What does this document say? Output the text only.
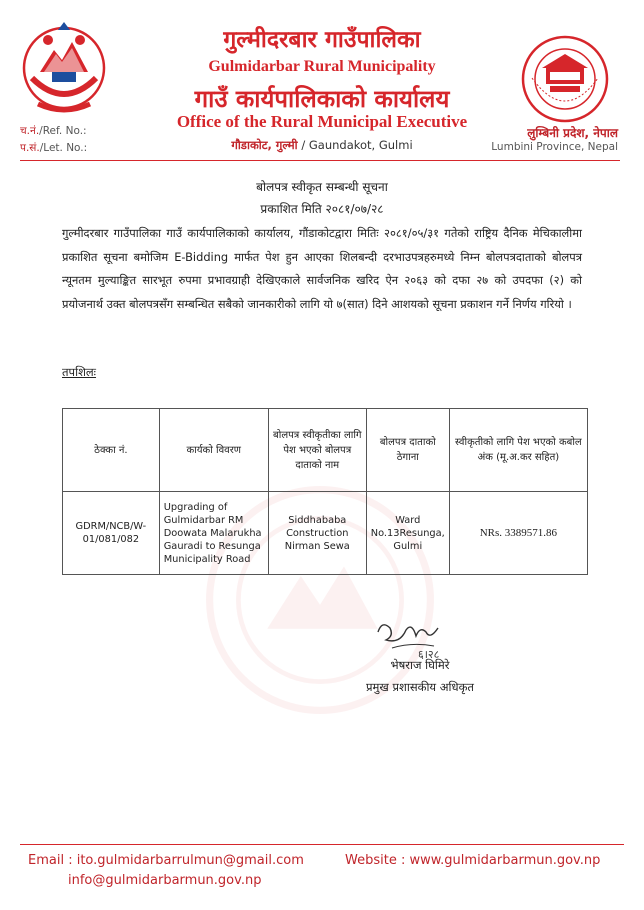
गुल्मीदरबार गाउँपालिका
Gulmidarbar Rural Municipality
गाउँ कार्यपालिकाको कार्यालय
Office of the Rural Municipal Executive
गौडाकोट, गुल्मी / Gaundakot, Gulmi
च.नं./Ref. No.:
प.सं./Let. No.:
लुम्बिनी प्रदेश, नेपाल
Lumbini Province, Nepal
बोलपत्र स्वीकृत सम्बन्धी सूचना
प्रकाशित मिति २०८१/०७/२८
गुल्मीदरबार गाउँपालिका गाउँ कार्यपालिकाको कार्यालय, गौंडाकोटद्वारा मितिः २०८१/०५/३१ गतेको राष्ट्रिय दैनिक मेचिकालीमा प्रकाशित सूचना बमोजिम E-Bidding मार्फत पेश हुन आएका शिलबन्दी दरभाउपत्रहरुमध्ये निम्न बोलपत्रदाताको बोलपत्र न्यूनतम मुल्याङ्कित सारभूत रुपमा प्रभावग्राही देखिएकाले सार्वजनिक खरिद ऐन २०६३ को दफा २७ को उपदफा (२) को प्रयोजनार्थ उक्त बोलपत्रसँग सम्बन्धित सबैको जानकारीको लागि यो ७(सात) दिने आशयको सूचना प्रकाशन गर्ने निर्णय गरियो ।
तपशिलः
ठेक्का नं.	कार्यको विवरण	बोलपत्र स्वीकृतीका लागि पेश भएको बोलपत्र दाताको नाम	बोलपत्र दाताको ठेगाना	स्वीकृतीको लागि पेश भएको कबोल अंक (मू.अ.कर सहित)
GDRM/NCB/W-01/081/082	Upgrading of Gulmidarbar RM Doowata Malarukha Gauradi to Resunga Municipality Road	Siddhababa Construction Nirman Sewa	Ward No.13Resunga, Gulmi	NRs. 3389571.86
६।२८
भेषराज घिमिरे
प्रमुख प्रशासकीय अधिकृत
Email : ito.gulmidarbarrulmun@gmail.com
info@gulmidarbarmun.gov.np
Website : www.gulmidarbarmun.gov.np
